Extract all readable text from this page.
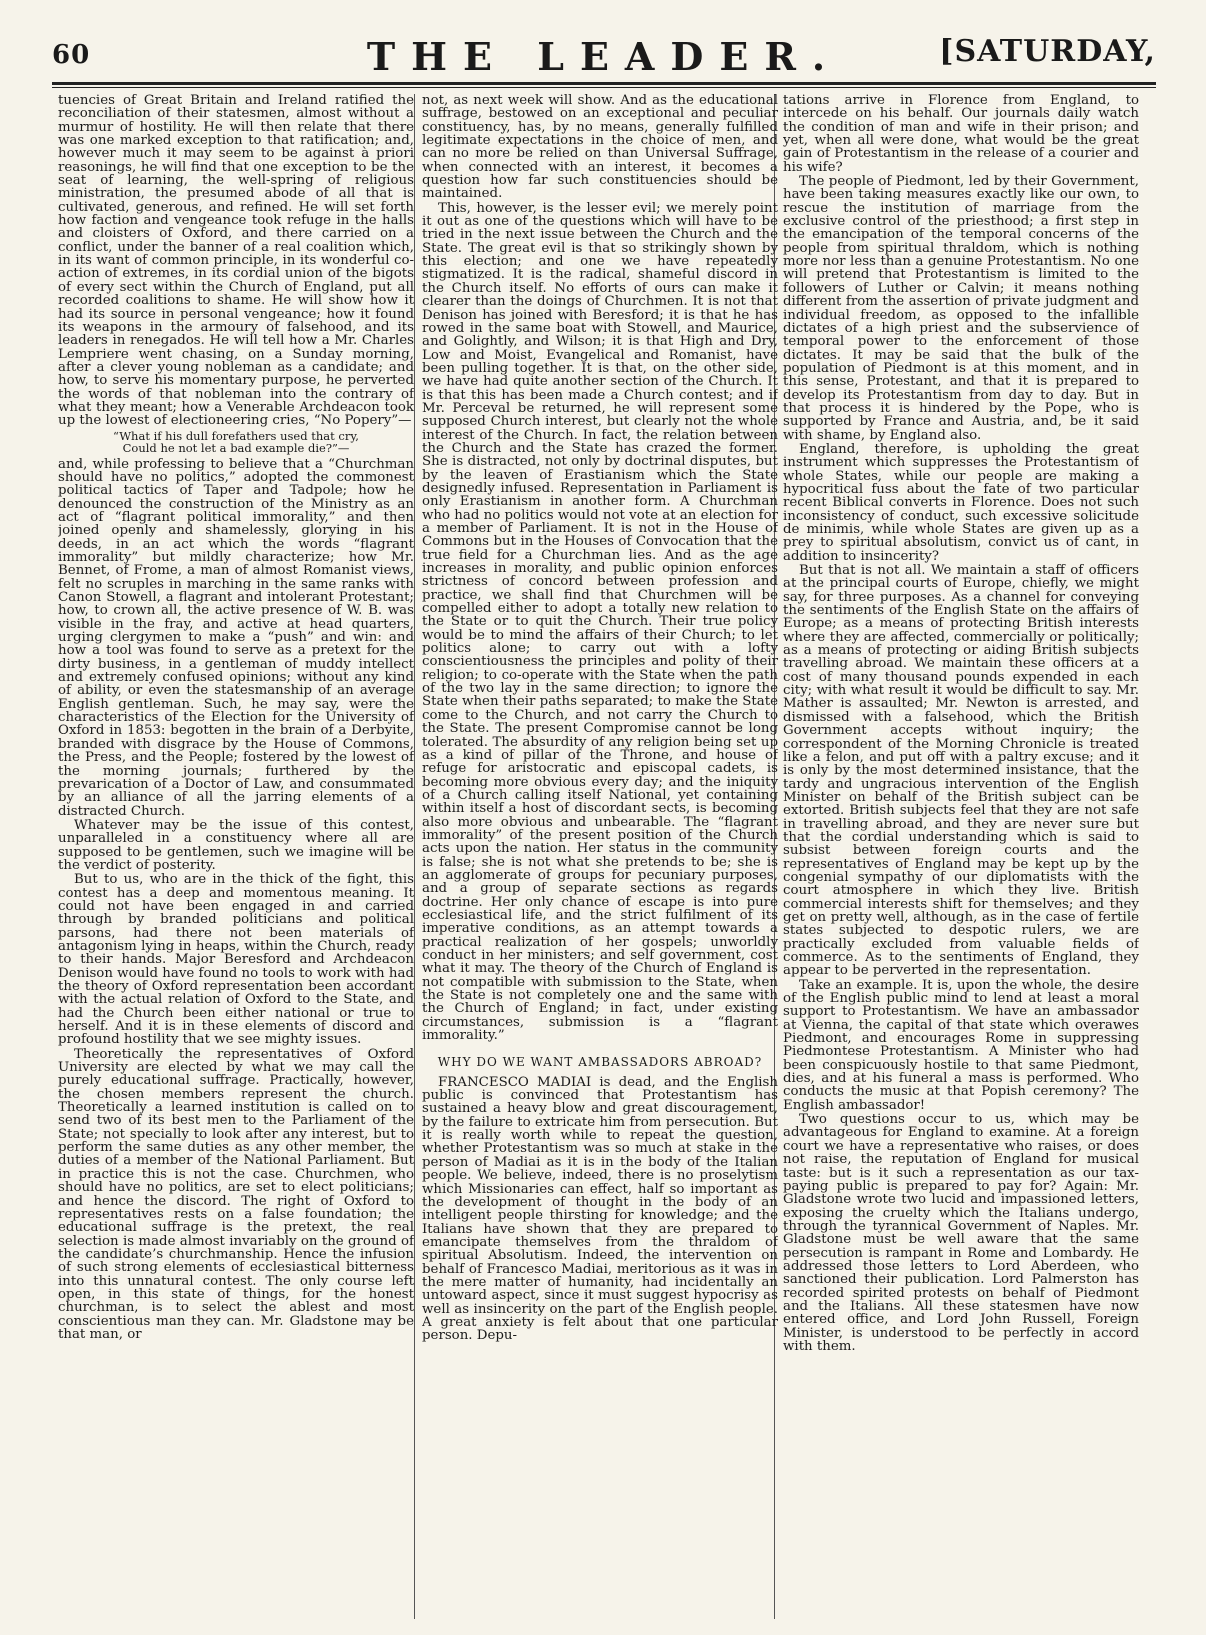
60	THE LEADER.	[SATURDAY,

tuencies of Great Britain and Ireland ratified the reconciliation of their statesmen, almost without a murmur of hostility. He will then relate that there was one marked exception to that ratification; and, however much it may seem to be against à priori reasonings, he will find that one exception to be the seat of learning, the well-spring of religious ministration, the presumed abode of all that is cultivated, generous, and refined. He will set forth how faction and vengeance took refuge in the halls and cloisters of Oxford, and there carried on a conflict, under the banner of a real coalition which, in its want of common principle, in its wonderful co-action of extremes, in its cordial union of the bigots of every sect within the Church of England, put all recorded coalitions to shame. He will show how it had its source in personal vengeance; how it found its weapons in the armoury of falsehood, and its leaders in renegados. He will tell how a Mr. Charles Lempriere went chasing, on a Sunday morning, after a clever young nobleman as a candidate; and how, to serve his momentary purpose, he perverted the words of that nobleman into the contrary of what they meant; how a Venerable Archdeacon took up the lowest of electioneering cries, “No Popery”—

“What if his dull forefathers used that cry,
Could he not let a bad example die?”—

and, while professing to believe that a “Churchman should have no politics,” adopted the commonest political tactics of Taper and Tadpole; how he denounced the construction of the Ministry as an act of “flagrant political immorality,” and then joined openly and shamelessly, glorying in his deeds, in an act which the words “flagrant immorality” but mildly characterize; how Mr. Bennet, of Frome, a man of almost Romanist views, felt no scruples in marching in the same ranks with Canon Stowell, a flagrant and intolerant Protestant; how, to crown all, the active presence of W. B. was visible in the fray, and active at head quarters, urging clergymen to make a “push” and win: and how a tool was found to serve as a pretext for the dirty business, in a gentleman of muddy intellect and extremely confused opinions; without any kind of ability, or even the statesmanship of an average English gentleman. Such, he may say, were the characteristics of the Election for the University of Oxford in 1853: begotten in the brain of a Derbyite, branded with disgrace by the House of Commons, the Press, and the People; fostered by the lowest of the morning journals; furthered by the prevarication of a Doctor of Law, and consummated by an alliance of all the jarring elements of a distracted Church.

Whatever may be the issue of this contest, unparalleled in a constituency where all are supposed to be gentlemen, such we imagine will be the verdict of posterity.

But to us, who are in the thick of the fight, this contest has a deep and momentous meaning. It could not have been engaged in and carried through by branded politicians and political parsons, had there not been materials of antagonism lying in heaps, within the Church, ready to their hands. Major Beresford and Archdeacon Denison would have found no tools to work with had the theory of Oxford representation been accordant with the actual relation of Oxford to the State, and had the Church been either national or true to herself. And it is in these elements of discord and profound hostility that we see mighty issues.

Theoretically the representatives of Oxford University are elected by what we may call the purely educational suffrage. Practically, however, the chosen members represent the church. Theoretically a learned institution is called on to send two of its best men to the Parliament of the State; not specially to look after any interest, but to perform the same duties as any other member, the duties of a member of the National Parliament. But in practice this is not the case. Churchmen, who should have no politics, are set to elect politicians; and hence the discord. The right of Oxford to representatives rests on a false foundation; the educational suffrage is the pretext, the real selection is made almost invariably on the ground of the candidate’s churchmanship. Hence the infusion of such strong elements of ecclesiastical bitterness into this unnatural contest. The only course left open, in this state of things, for the honest churchman, is to select the ablest and most conscientious man they can. Mr. Gladstone may be that man, or

not, as next week will show. And as the educational suffrage, bestowed on an exceptional and peculiar constituency, has, by no means, generally fulfilled legitimate expectations in the choice of men, and can no more be relied on than Universal Suffrage, when connected with an interest, it becomes a question how far such constituencies should be maintained.

This, however, is the lesser evil; we merely point it out as one of the questions which will have to be tried in the next issue between the Church and the State. The great evil is that so strikingly shown by this election; and one we have repeatedly stigmatized. It is the radical, shameful discord in the Church itself. No efforts of ours can make it clearer than the doings of Churchmen. It is not that Denison has joined with Beresford; it is that he has rowed in the same boat with Stowell, and Maurice, and Golightly, and Wilson; it is that High and Dry, Low and Moist, Evangelical and Romanist, have been pulling together. It is that, on the other side, we have had quite another section of the Church. It is that this has been made a Church contest; and if Mr. Perceval be returned, he will represent some supposed Church interest, but clearly not the whole interest of the Church. In fact, the relation between the Church and the State has crazed the former. She is distracted, not only by doctrinal disputes, but by the leaven of Erastianism which the State designedly infused. Representation in Parliament is only Erastianism in another form. A Churchman who had no politics would not vote at an election for a member of Parliament. It is not in the House of Commons but in the Houses of Convocation that the true field for a Churchman lies. And as the age increases in morality, and public opinion enforces strictness of concord between profession and practice, we shall find that Churchmen will be compelled either to adopt a totally new relation to the State or to quit the Church. Their true policy would be to mind the affairs of their Church; to let politics alone; to carry out with a lofty conscientiousness the principles and polity of their religion; to co-operate with the State when the path of the two lay in the same direction; to ignore the State when their paths separated; to make the State come to the Church, and not carry the Church to the State. The present Compromise cannot be long tolerated. The absurdity of any religion being set up as a kind of pillar of the Throne, and house of refuge for aristocratic and episcopal cadets, is becoming more obvious every day; and the iniquity of a Church calling itself National, yet containing within itself a host of discordant sects, is becoming also more obvious and unbearable. The “flagrant immorality” of the present position of the Church acts upon the nation. Her status in the community is false; she is not what she pretends to be; she is an agglomerate of groups for pecuniary purposes, and a group of separate sections as regards doctrine. Her only chance of escape is into pure ecclesiastical life, and the strict fulfilment of its imperative conditions, as an attempt towards a practical realization of her gospels; unworldly conduct in her ministers; and self government, cost what it may. The theory of the Church of England is not compatible with submission to the State, when the State is not completely one and the same with the Church of England; in fact, under existing circumstances, submission is a “flagrant immorality.”

WHY DO WE WANT AMBASSADORS ABROAD?

FRANCESCO MADIAI is dead, and the English public is convinced that Protestantism has sustained a heavy blow and great discouragement, by the failure to extricate him from persecution. But it is really worth while to repeat the question, whether Protestantism was so much at stake in the person of Madiai as it is in the body of the Italian people. We believe, indeed, there is no proselytism which Missionaries can effect, half so important as the development of thought in the body of an intelligent people thirsting for knowledge; and the Italians have shown that they are prepared to emancipate themselves from the thraldom of spiritual Absolutism. Indeed, the intervention on behalf of Francesco Madiai, meritorious as it was in the mere matter of humanity, had incidentally an untoward aspect, since it must suggest hypocrisy as well as insincerity on the part of the English people. A great anxiety is felt about that one particular person. Depu-

tations arrive in Florence from England, to intercede on his behalf. Our journals daily watch the condition of man and wife in their prison; and yet, when all were done, what would be the great gain of Protestantism in the release of a courier and his wife?

The people of Piedmont, led by their Government, have been taking measures exactly like our own, to rescue the institution of marriage from the exclusive control of the priesthood; a first step in the emancipation of the temporal concerns of the people from spiritual thraldom, which is nothing more nor less than a genuine Protestantism. No one will pretend that Protestantism is limited to the followers of Luther or Calvin; it means nothing different from the assertion of private judgment and individual freedom, as opposed to the infallible dictates of a high priest and the subservience of temporal power to the enforcement of those dictates. It may be said that the bulk of the population of Piedmont is at this moment, and in this sense, Protestant, and that it is prepared to develop its Protestantism from day to day. But in that process it is hindered by the Pope, who is supported by France and Austria, and, be it said with shame, by England also.

England, therefore, is upholding the great instrument which suppresses the Protestantism of whole States, while our people are making a hypocritical fuss about the fate of two particular recent Biblical converts in Florence. Does not such inconsistency of conduct, such excessive solicitude de minimis, while whole States are given up as a prey to spiritual absolutism, convict us of cant, in addition to insincerity?

But that is not all. We maintain a staff of officers at the principal courts of Europe, chiefly, we might say, for three purposes. As a channel for conveying the sentiments of the English State on the affairs of Europe; as a means of protecting British interests where they are affected, commercially or politically; as a means of protecting or aiding British subjects travelling abroad. We maintain these officers at a cost of many thousand pounds expended in each city; with what result it would be difficult to say. Mr. Mather is assaulted; Mr. Newton is arrested, and dismissed with a falsehood, which the British Government accepts without inquiry; the correspondent of the Morning Chronicle is treated like a felon, and put off with a paltry excuse; and it is only by the most determined insistance, that the tardy and ungracious intervention of the English Minister on behalf of the British subject can be extorted. British subjects feel that they are not safe in travelling abroad, and they are never sure but that the cordial understanding which is said to subsist between foreign courts and the representatives of England may be kept up by the congenial sympathy of our diplomatists with the court atmosphere in which they live. British commercial interests shift for themselves; and they get on pretty well, although, as in the case of fertile states subjected to despotic rulers, we are practically excluded from valuable fields of commerce. As to the sentiments of England, they appear to be perverted in the representation.

Take an example. It is, upon the whole, the desire of the English public mind to lend at least a moral support to Protestantism. We have an ambassador at Vienna, the capital of that state which overawes Piedmont, and encourages Rome in suppressing Piedmontese Protestantism. A Minister who had been conspicuously hostile to that same Piedmont, dies, and at his funeral a mass is performed. Who conducts the music at that Popish ceremony? The English ambassador!

Two questions occur to us, which may be advantageous for England to examine. At a foreign court we have a representative who raises, or does not raise, the reputation of England for musical taste: but is it such a representation as our tax-paying public is prepared to pay for? Again: Mr. Gladstone wrote two lucid and impassioned letters, exposing the cruelty which the Italians undergo, through the tyrannical Government of Naples. Mr. Gladstone must be well aware that the same persecution is rampant in Rome and Lombardy. He addressed those letters to Lord Aberdeen, who sanctioned their publication. Lord Palmerston has recorded spirited protests on behalf of Piedmont and the Italians. All these statesmen have now entered office, and Lord John Russell, Foreign Minister, is understood to be perfectly in accord with them.
